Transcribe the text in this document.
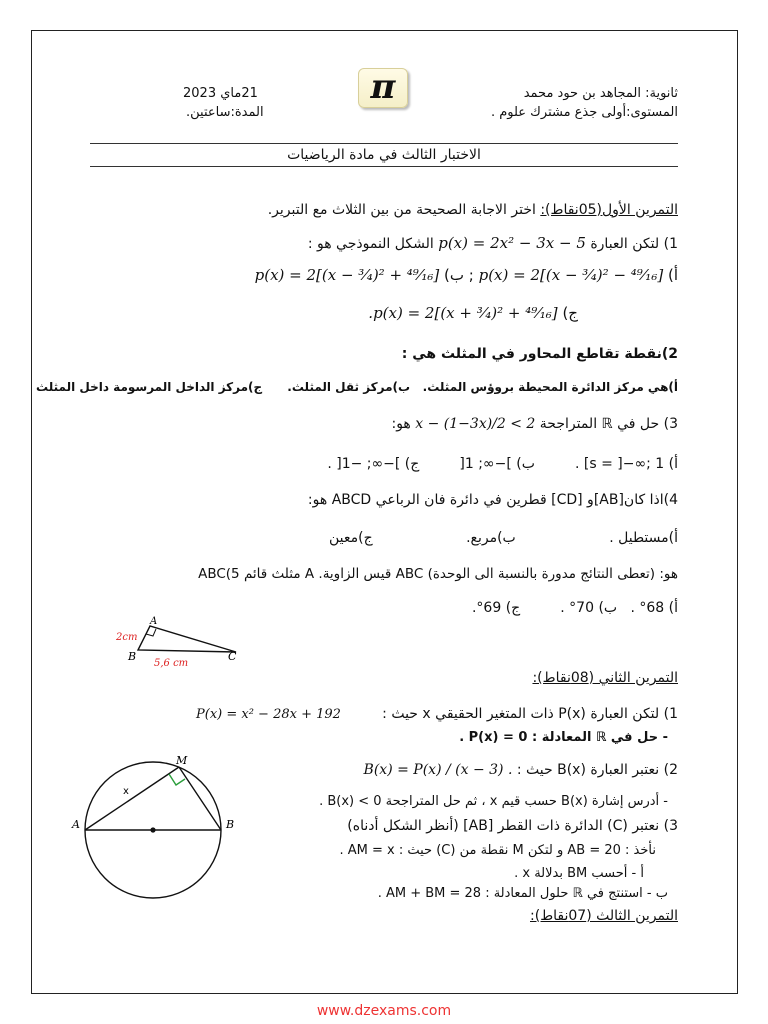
ثانوية: المجاهد بن حود محمد
المستوى:أولى جذع مشترك علوم .
21ماي 2023
المدة:ساعتين.
π
الاختبار الثالث في مادة الرياضيات
التمرين الأول(05نقاط): اختر الاجابة الصحيحة من بين الثلاث مع التبرير.
1) لتكن العبارة p(x) = 2x² − 3x − 5 الشكل النموذجي هو :
أ) p(x) = 2[(x − ³⁄₄)² − ⁴⁹⁄₁₆] ; ب) p(x) = 2[(x − ³⁄₄)² + ⁴⁹⁄₁₆]
ج) .p(x) = 2[(x + ³⁄₄)² + ⁴⁹⁄₁₆]
2)نقطة تقاطع المحاور في المثلث هي :
أ)هي مركز الدائرة المحيطة بروؤس المثلث.   ب)مركز ثقل المثلث.      ج)مركز الداخل المرسومة داخل المثلث
3) حل في ℝ المتراجحة x − (1−3x)/2 < 2 هو:
أ) s = ]−∞; 1] .         ب) ]−∞; 1[         ج) ]−∞; −1[ .
4)اذا كان[AB]و [CD] قطرين في دائرة فان الرباعي ABCD هو:
أ)مستطيل .                     ب)مربع.                     ج)معين
ABC(5 مثلث قائم A .قيس الزاوية ABC هو: (تعطى النتائج مدورة بالنسبة الى الوحدة)
أ) 68° .   ب) 70° .         ج) 69°.
A
B	C
2cm
5,6 cm
التمرين الثاني (08نقاط):
1) لتكن العبارة P(x) ذات المتغير الحقيقي x حيث :
P(x) = x² − 28x + 192
- حل في ℝ المعادلة : P(x) = 0 .
2) نعتبر العبارة B(x) حيث : B(x) = P(x) / (x − 3) .
- أدرس إشارة B(x) حسب قيم x ، ثم حل المتراجحة B(x) < 0 .
3) نعتبر (C) الدائرة ذات القطر [AB] (أنظر الشكل أدناه)
نأخذ : AB = 20 و لتكن M نقطة من (C) حيث : AM = x .
أ - أحسب BM بدلالة x .
ب - استنتج في ℝ حلول المعادلة : AM + BM = 28 .
A	B
M
x
التمرين الثالث (07نقاط):
www.dzexams.com
